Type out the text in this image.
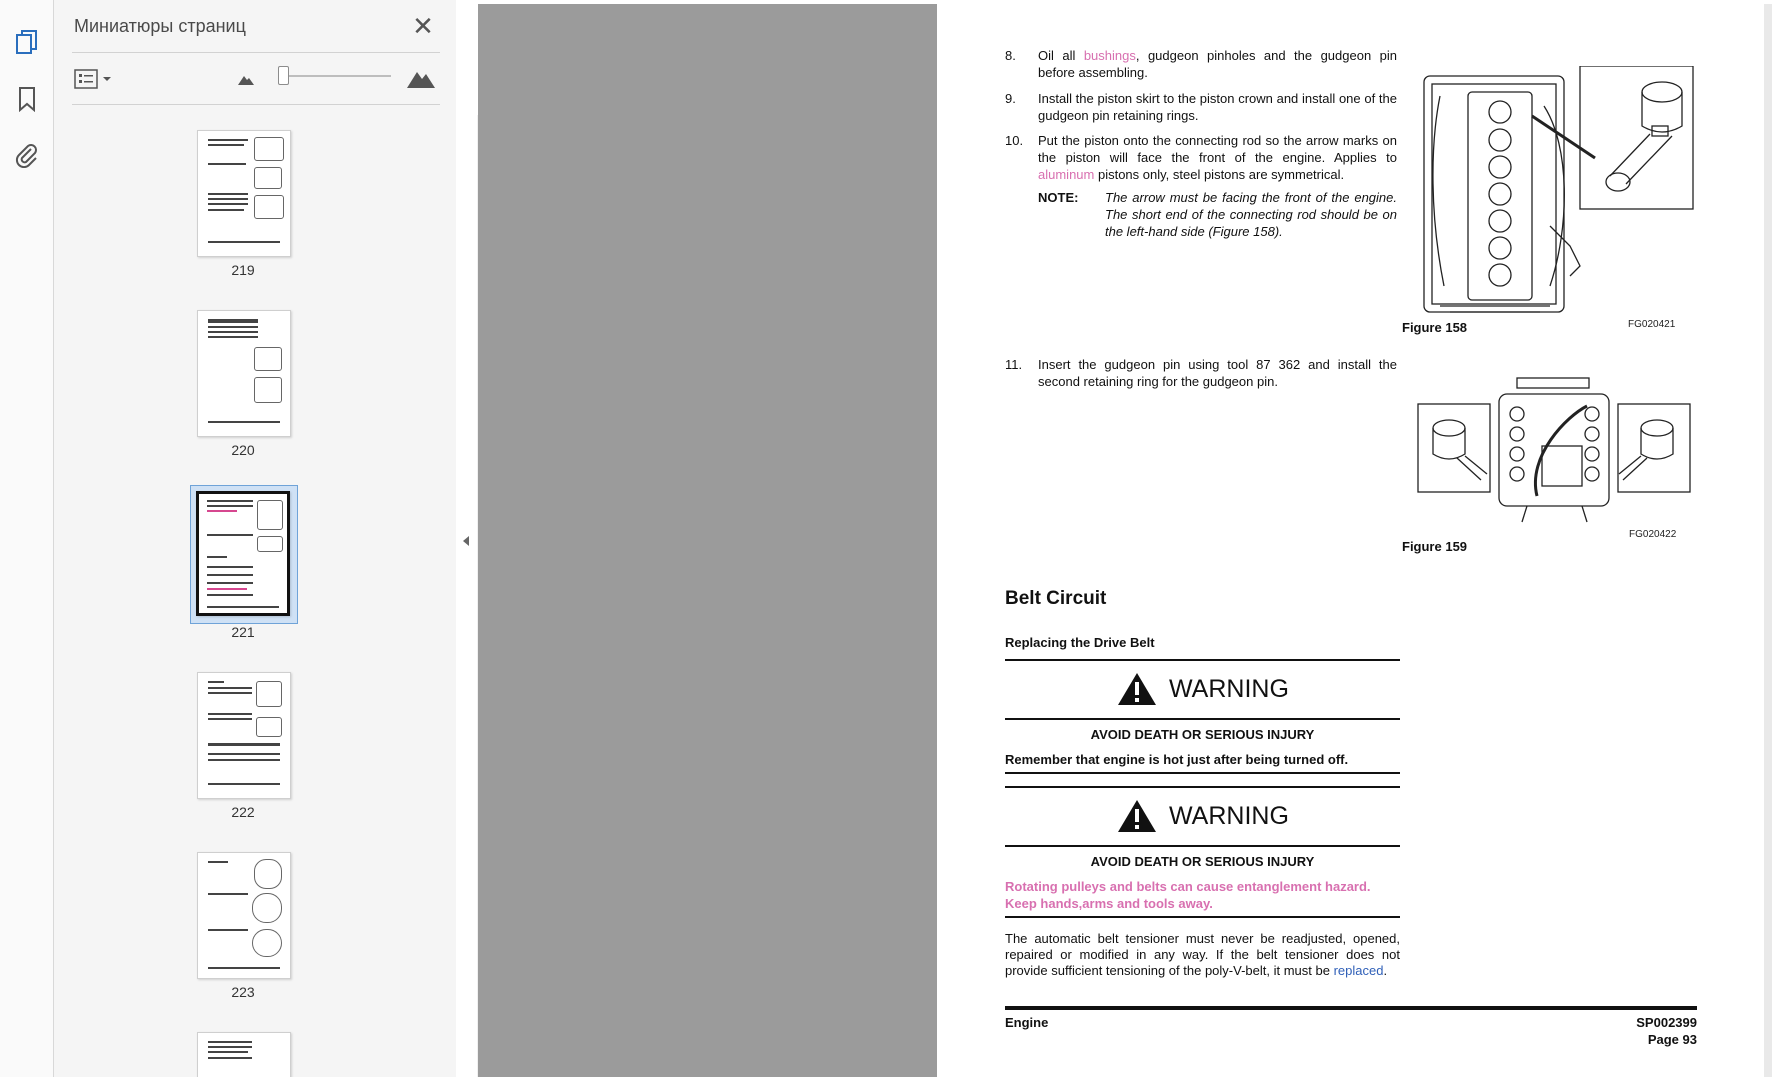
Миниатюры страниц	✕
219
220
221
222
223
8. Oil all bushings, gudgeon pinholes and the gudgeon pin before assembling.
9. Install the piston skirt to the piston crown and install one of the gudgeon pin retaining rings.
10. Put the piston onto the connecting rod so the arrow marks on the piston will face the front of the engine. Applies to aluminum pistons only, steel pistons are symmetrical.
NOTE: The arrow must be facing the front of the engine. The short end of the connecting rod should be on the left-hand side (Figure 158).
Figure 158	FG020421
11. Insert the gudgeon pin using tool 87 362 and install the second retaining ring for the gudgeon pin.
FG020422
Figure 159
Belt Circuit
Replacing the Drive Belt
WARNING
AVOID DEATH OR SERIOUS INJURY
Remember that engine is hot just after being turned off.
WARNING
AVOID DEATH OR SERIOUS INJURY
Rotating pulleys and belts can cause entanglement hazard.
Keep hands,arms and tools away.
The automatic belt tensioner must never be readjusted, opened, repaired or modified in any way. If the belt tensioner does not provide sufficient tensioning of the poly-V-belt, it must be replaced.
Engine	SP002399
Page 93
